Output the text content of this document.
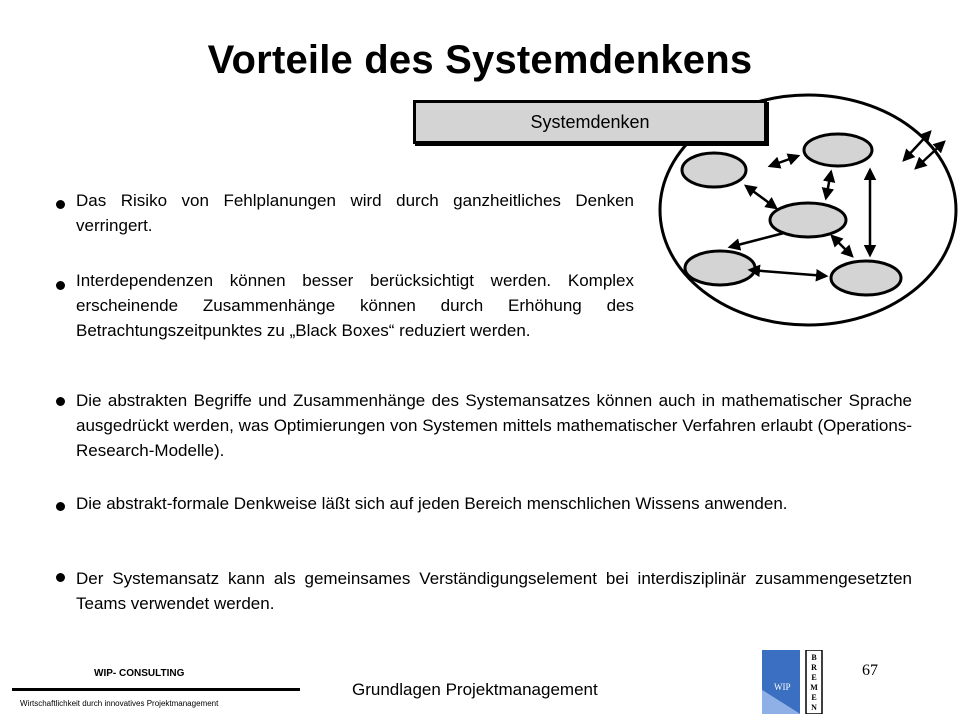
Vorteile des Systemdenkens
Systemdenken
Das Risiko von Fehlplanungen wird durch ganzheitliches Denken verringert.
Interdependenzen können besser berücksichtigt werden. Komplex erscheinende Zusammenhänge können durch Erhöhung des Betrachtungszeitpunktes zu „Black Boxes“ reduziert werden.
Die abstrakten Begriffe und Zusammenhänge des Systemansatzes können auch in mathematischer Sprache ausgedrückt werden, was Optimierungen von Systemen mittels mathematischer Verfahren erlaubt (Operations-Research-Modelle).
Die abstrakt-formale Denkweise läßt sich auf jeden Bereich menschlichen Wissens anwenden.
Der Systemansatz kann als gemeinsames Verständigungselement bei interdisziplinär zusammengesetzten Teams verwendet werden.
WIP- CONSULTING
Wirtschaftlichkeit durch innovatives Projektmanagement
Grundlagen Projektmanagement
67
WIP
B
R
E
M
E
N
